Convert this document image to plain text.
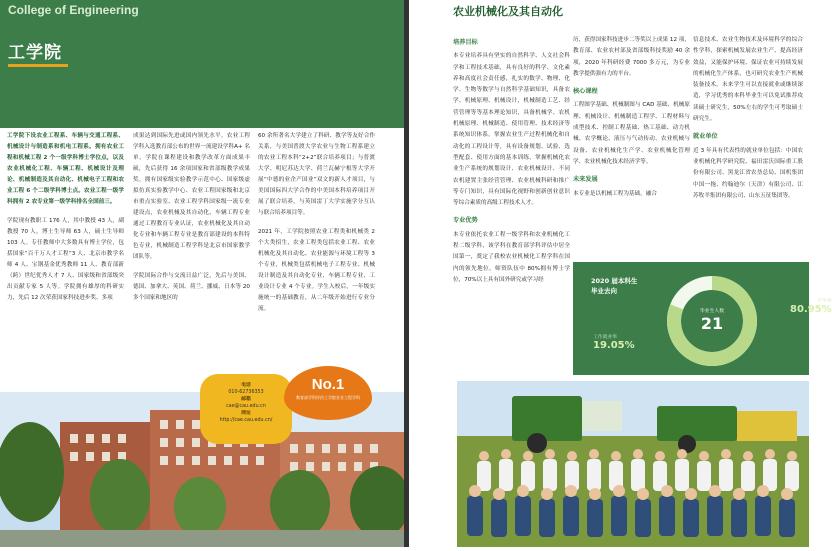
College of Engineering
工学院

工学院下设农业工程系、车辆与交通工程系、机械设计与制造系和机电工程系。拥有农业工程和机械工程 2 个一级学科博士学位点，以及农业机械化工程、车辆工程、机械设计及理论、机械制造及其自动化、机械电子工程和农业工程 6 个二级学科博士点。农业工程一级学科拥有 2 农专业第一级学科排名全国前三。

学院现有教职工 176 人，其中教授 43 人，副教授 70 人，博士生导师 63 人，硕士生导师 103 人。专任教师中大多数具有博士学位，包括国家“百千万人才工程”3 人、北京市教学名师 4 人、宝钢基金优秀教师 11 人、教育部新（跨）世纪优秀人才 7 人、国家级和省部级突出贡献专家 5 人等。学院拥有雄厚的科研实力，先后 12 次荣获国家科技进步奖、多项

成果达到国际先进或国内领先水平。农业工程学科入选教育部公布的世界一流建设学科A+ 名单。学院在课程建设和教学改革方面成果丰硕，先后获得 16 余项国家和省部级教学成果奖。拥有国家级实验教学示范中心、国家级虚拟仿真实验教学中心、农业工程国家级和北京市重点实验室、农业工程学科国家级一流专业建设点，农业机械及其自动化、车辆工程专业通过工程教育专业认证，农业机械化及其自动化专业和车辆工程专业是教育部建设的本科特色专业，机械制造工程学科是北京市国家教学团队等。

学院国际合作与交流日益广泛，先后与美国、德国、加拿大、英国、荷兰、挪威、日本等 20 多个国家和地区的

60 余所著名大学建立了科研、教学等友好合作关系，与美国普渡大学农业与生物工程系建立的农业工程本科“2+2”联合培养项目；与普渡大学、明尼苏达大学、荷兰瓦赫宁根等大学开展“中德的业企产国业”双文的新人才项目，与美国国际四大学合作的中美国本科培养项目开展了联合培养，与英国雷丁大学实施学分互认与联合培养项目等。

2021 年，工学院按照农业工程类和机械类 2 个大类招生，农业工程类包括农业工程、农业机械化及其自动化、农业能源与环境工程等 3 个专业，机械类包括机械电子工程专业、机械设计制造及其自动化专业、车辆工程专业、工业设计专业 4 个专业。学生入校后，一年级实施统一的基础教育，从二年级开始进行专业分流。

电话
010-62736353
邮箱
cae@cau.edu.cn
网址
http://cae.cau.edu.cn/
No.1
教育部学科评估工学院农业工程学科
农业机械化及其自动化
培养目标

本专业培养具有坚实的自然科学、人文社会科学和工程技术基础，具有良好的科学、文化素养和高度社会责任感，扎实的数学、物理、化学、生物等数学与自然科学基础知识，具备农学、机械原理、机械设计、机械制造工艺、经营管理等等基本理论知识，具备机械学、农机机械原理、机械制造、使用管理、技术经济等系统知识体系。掌握农业生产过程机械化和自动化的工程设计等，具有设备规划、试验、选型配套、使用方面的基本训练，掌握机械化农业生产系统的规划设计、农业机械设计、不同农机建置主张经营管理、农业机械科研和推广等专门知识，具有国际化视野和创新创业意识等综合素质的高级工程技术人才。

专业优势

本专业依托农业工程一级学科和农业机械化工程二级学科，该学科在教育部学科评估中居全国第一，奠定了我校农业机械化工程学科在国内的领先地位。师资队伍中 80%拥有博士学位，70%以上具有国外研究或学习经

历，获得国家科技进步二等奖以上成果 12 项，教育部、农业农村部及省部级科技奖励 40 余项，2020 年科研经费 7000 多万元，为专业教学提供强有力的平台。

核心课程

工程图学基础、机械制图与 CAD 基础、机械原理、机械设计、机械制造工程学、工程材料与成型技术、控制工程基础、热工基础、动力机械、农学概论、液压与气动传动、农业机械与设备、农业机械化生产学、农业机械化管理学、农业机械化技术经济学等。

未来发展

本专业是以机械工程为基础，融合

信息技术、农业生物技术及环境科学的综合性学科，探索机械发展农业生产、提高经济效益，又能保护环境、保证农业可持续发展的机械化生产体系，也可研究农业生产机械装备技术。未来学生可以直接就业或继续深造，学习优秀的本科毕业生可以免试推荐攻读硕士研究生，50%左右的学生可考取硕士研究生。

就业单位

近 3 年具有代表性的就业单位包括：中国农业机械化科学研究院、福田雷沃国际重工股份有限公司、黑龙江省农垦总局、国机集团中国一拖、约翰迪尔（天津）有限公司、江苏牧羊集团有限公司、山东五征集团等。

2020 届本科生
毕业去向
毕业生人数
21
升学率
80.95%
工作就业率
19.05%
